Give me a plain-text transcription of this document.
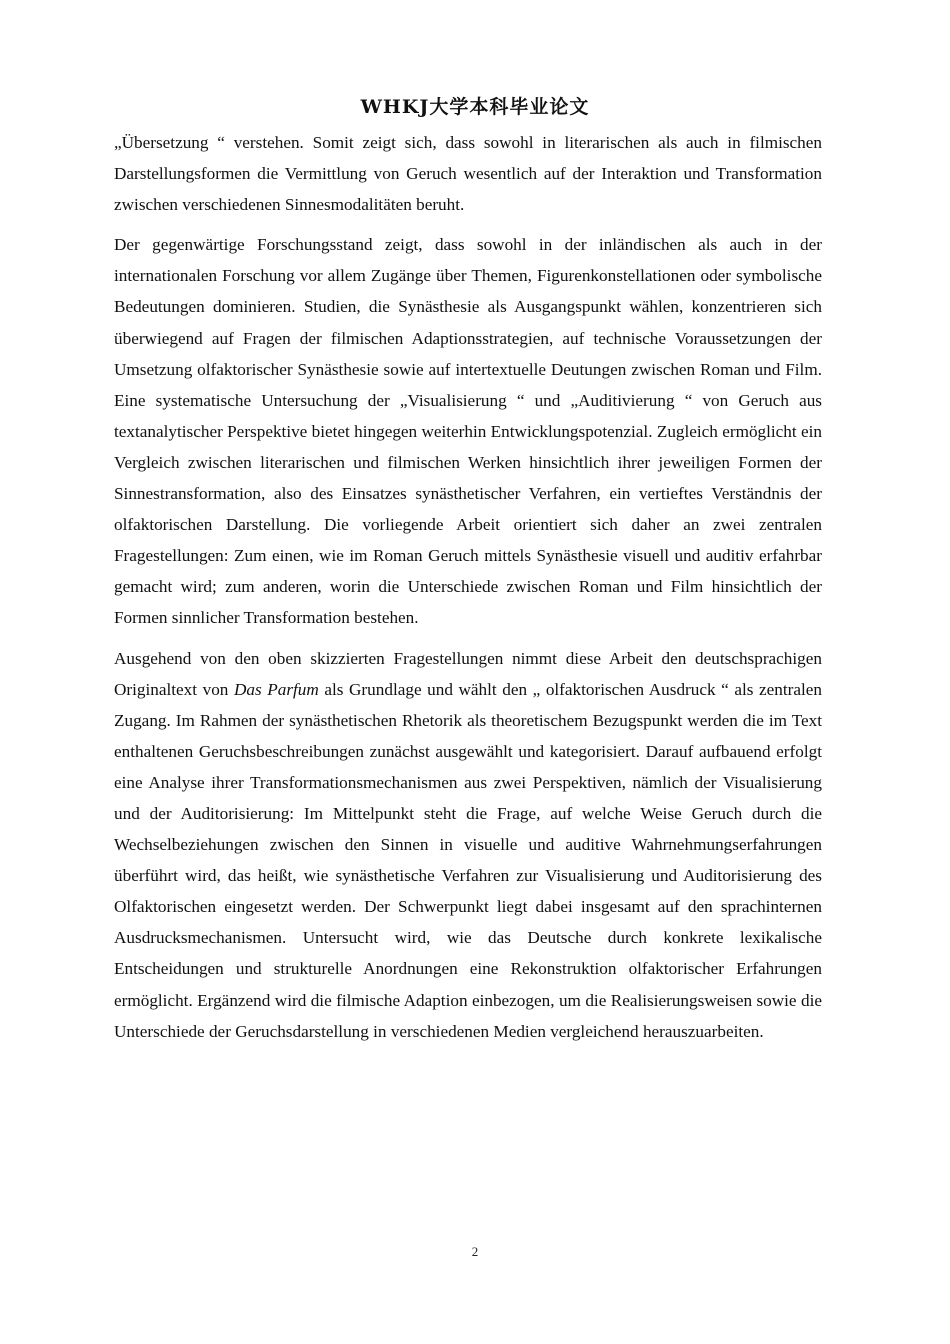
WHKJ大学本科毕业论文

„Übersetzung “ verstehen. Somit zeigt sich, dass sowohl in literarischen als auch in filmischen Darstellungsformen die Vermittlung von Geruch wesentlich auf der Interaktion und Transformation zwischen verschiedenen Sinnesmodalitäten beruht.

Der gegenwärtige Forschungsstand zeigt, dass sowohl in der inländischen als auch in der internationalen Forschung vor allem Zugänge über Themen, Figurenkonstellationen oder symbolische Bedeutungen dominieren. Studien, die Synästhesie als Ausgangspunkt wählen, konzentrieren sich überwiegend auf Fragen der filmischen Adaptionsstrategien, auf technische Voraussetzungen der Umsetzung olfaktorischer Synästhesie sowie auf intertextuelle Deutungen zwischen Roman und Film. Eine systematische Untersuchung der „Visualisierung “ und „Auditivierung “ von Geruch aus textanalytischer Perspektive bietet hingegen weiterhin Entwicklungspotenzial. Zugleich ermöglicht ein Vergleich zwischen literarischen und filmischen Werken hinsichtlich ihrer jeweiligen Formen der Sinnestransformation, also des Einsatzes synästhetischer Verfahren, ein vertieftes Verständnis der olfaktorischen Darstellung. Die vorliegende Arbeit orientiert sich daher an zwei zentralen Fragestellungen: Zum einen, wie im Roman Geruch mittels Synästhesie visuell und auditiv erfahrbar gemacht wird; zum anderen, worin die Unterschiede zwischen Roman und Film hinsichtlich der Formen sinnlicher Transformation bestehen.

Ausgehend von den oben skizzierten Fragestellungen nimmt diese Arbeit den deutschsprachigen Originaltext von Das Parfum als Grundlage und wählt den „ olfaktorischen Ausdruck “ als zentralen Zugang. Im Rahmen der synästhetischen Rhetorik als theoretischem Bezugspunkt werden die im Text enthaltenen Geruchsbeschreibungen zunächst ausgewählt und kategorisiert. Darauf aufbauend erfolgt eine Analyse ihrer Transformationsmechanismen aus zwei Perspektiven, nämlich der Visualisierung und der Auditorisierung: Im Mittelpunkt steht die Frage, auf welche Weise Geruch durch die Wechselbeziehungen zwischen den Sinnen in visuelle und auditive Wahrnehmungserfahrungen überführt wird, das heißt, wie synästhetische Verfahren zur Visualisierung und Auditorisierung des Olfaktorischen eingesetzt werden. Der Schwerpunkt liegt dabei insgesamt auf den sprachinternen Ausdrucksmechanismen. Untersucht wird, wie das Deutsche durch konkrete lexikalische Entscheidungen und strukturelle Anordnungen eine Rekonstruktion olfaktorischer Erfahrungen ermöglicht. Ergänzend wird die filmische Adaption einbezogen, um die Realisierungsweisen sowie die Unterschiede der Geruchsdarstellung in verschiedenen Medien vergleichend herauszuarbeiten.

2
